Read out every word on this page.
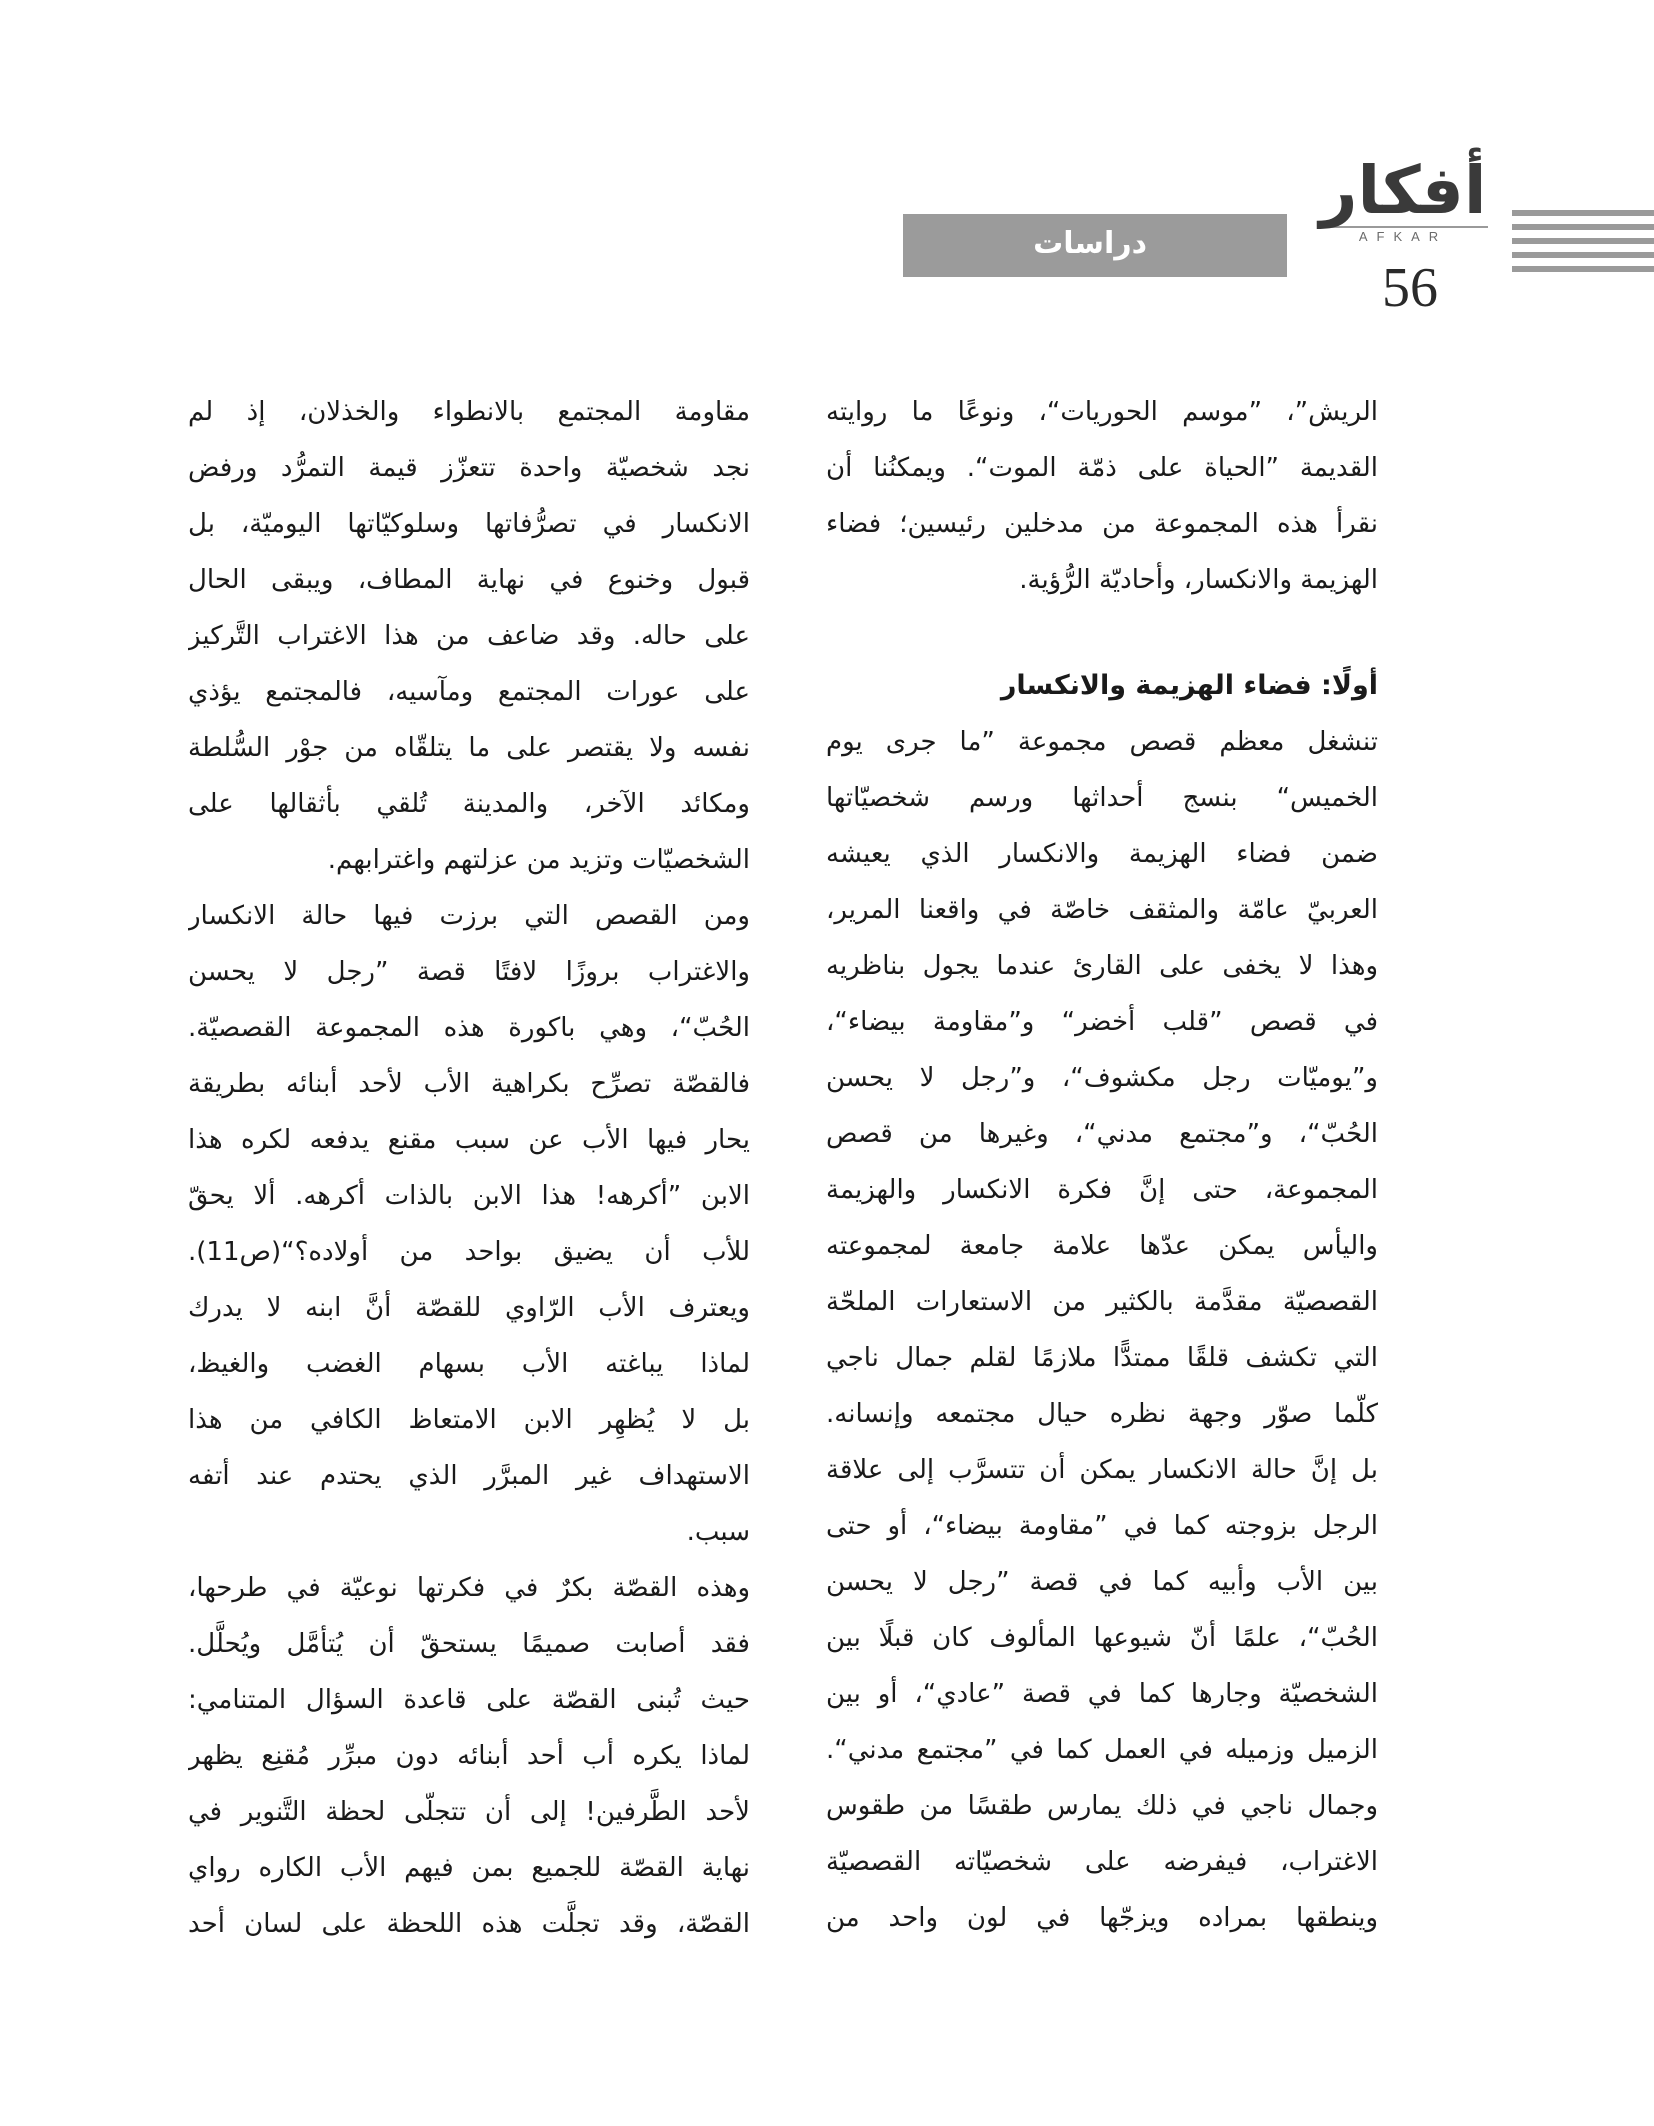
أفكار
AFKAR
دراسات
56
الريش”، ”موسم الحوريات“، ونوعًا ما روايته
القديمة ”الحياة على ذمّة الموت“. ويمكنُنا أن
نقرأ هذه المجموعة من مدخلين رئيسين؛ فضاء
الهزيمة والانكسار، وأحاديّة الرُّؤية.
أولًا: فضاء الهزيمة والانكسار
تنشغل معظم قصص مجموعة ”ما جرى يوم
الخميس“ بنسج أحداثها ورسم شخصيّاتها
ضمن فضاء الهزيمة والانكسار الذي يعيشه
العربيّ عامّة والمثقف خاصّة في واقعنا المرير،
وهذا لا يخفى على القارئ عندما يجول بناظريه
في قصص ”قلب أخضر“ و”مقاومة بيضاء“،
و”يوميّات رجل مكشوف“، و”رجل لا يحسن
الحُبّ“، و”مجتمع مدني“، وغيرها من قصص
المجموعة، حتى إنَّ فكرة الانكسار والهزيمة
واليأس يمكن عدّها علامة جامعة لمجموعته
القصصيّة مقدَّمة بالكثير من الاستعارات الملحّة
التي تكشف قلقًا ممتدًّا ملازمًا لقلم جمال ناجي
كلّما صوّر وجهة نظره حيال مجتمعه وإنسانه.
بل إنَّ حالة الانكسار يمكن أن تتسرَّب إلى علاقة
الرجل بزوجته كما في ”مقاومة بيضاء“، أو حتى
بين الأب وأبيه كما في قصة ”رجل لا يحسن
الحُبّ“، علمًا أنّ شيوعها المألوف كان قبلًا بين
الشخصيّة وجارها كما في قصة ”عادي“، أو بين
الزميل وزميله في العمل كما في ”مجتمع مدني“.
وجمال ناجي في ذلك يمارس طقسًا من طقوس
الاغتراب، فيفرضه على شخصيّاته القصصيّة
وينطقها بمراده ويزجّها في لون واحد من
مقاومة المجتمع بالانطواء والخذلان، إذ لم
نجد شخصيّة واحدة تتعزّز قيمة التمرُّد ورفض
الانكسار في تصرُّفاتها وسلوكيّاتها اليوميّة، بل
قبول وخنوع في نهاية المطاف، ويبقى الحال
على حاله. وقد ضاعف من هذا الاغتراب التَّركيز
على عورات المجتمع ومآسيه، فالمجتمع يؤذي
نفسه ولا يقتصر على ما يتلقّاه من جوْر السُّلطة
ومكائد الآخر، والمدينة تُلقي بأثقالها على
الشخصيّات وتزيد من عزلتهم واغترابهم.
ومن القصص التي برزت فيها حالة الانكسار
والاغتراب بروزًا لافتًا قصة ”رجل لا يحسن
الحُبّ“، وهي باكورة هذه المجموعة القصصيّة.
فالقصّة تصرِّح بكراهية الأب لأحد أبنائه بطريقة
يحار فيها الأب عن سبب مقنع يدفعه لكره هذا
الابن ”أكرهه! هذا الابن بالذات أكرهه. ألا يحقّ
للأب أن يضيق بواحد من أولاده؟“(ص11).
ويعترف الأب الرّاوي للقصّة أنَّ ابنه لا يدرك
لماذا يباغته الأب بسهام الغضب والغيظ،
بل لا يُظهِر الابن الامتعاظ الكافي من هذا
الاستهداف غير المبرَّر الذي يحتدم عند أتفه
سبب.
وهذه القصّة بكرٌ في فكرتها نوعيّة في طرحها،
فقد أصابت صميمًا يستحقّ أن يُتأمَّل ويُحلَّل.
حيث تُبنى القصّة على قاعدة السؤال المتنامي:
لماذا يكره أب أحد أبنائه دون مبرِّر مُقنِع يظهر
لأحد الطَّرفين! إلى أن تتجلّى لحظة التَّنوير في
نهاية القصّة للجميع بمن فيهم الأب الكاره رواي
القصّة، وقد تجلَّت هذه اللحظة على لسان أحد
